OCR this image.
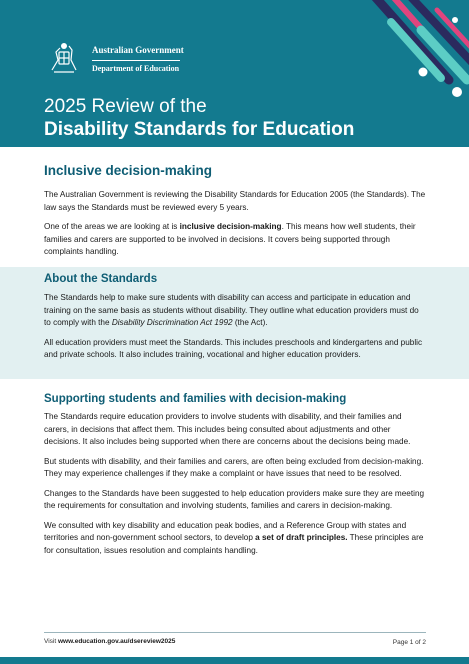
Australian Government
Department of Education
2025 Review of the
Disability Standards for Education
Inclusive decision-making

The Australian Government is reviewing the Disability Standards for Education 2005 (the Standards). The law says the Standards must be reviewed every 5 years.

One of the areas we are looking at is inclusive decision-making. This means how well students, their families and carers are supported to be involved in decisions. It covers being supported through complaints handling.

About the Standards

The Standards help to make sure students with disability can access and participate in education and training on the same basis as students without disability. They outline what education providers must do to comply with the Disability Discrimination Act 1992 (the Act).

All education providers must meet the Standards. This includes preschools and kindergartens and public and private schools. It also includes training, vocational and higher education providers.

Supporting students and families with decision-making

The Standards require education providers to involve students with disability, and their families and carers, in decisions that affect them. This includes being consulted about adjustments and other decisions. It also includes being supported when there are concerns about the decisions being made.

But students with disability, and their families and carers, are often being excluded from decision-making. They may experience challenges if they make a complaint or have issues that need to be resolved.

Changes to the Standards have been suggested to help education providers make sure they are meeting the requirements for consultation and involving students, families and carers in decision-making.

We consulted with key disability and education peak bodies, and a Reference Group with states and territories and non-government school sectors, to develop a set of draft principles. These principles are for consultation, issues resolution and complaints handling.

Visit www.education.gov.au/dsereview2025	Page 1 of 2
